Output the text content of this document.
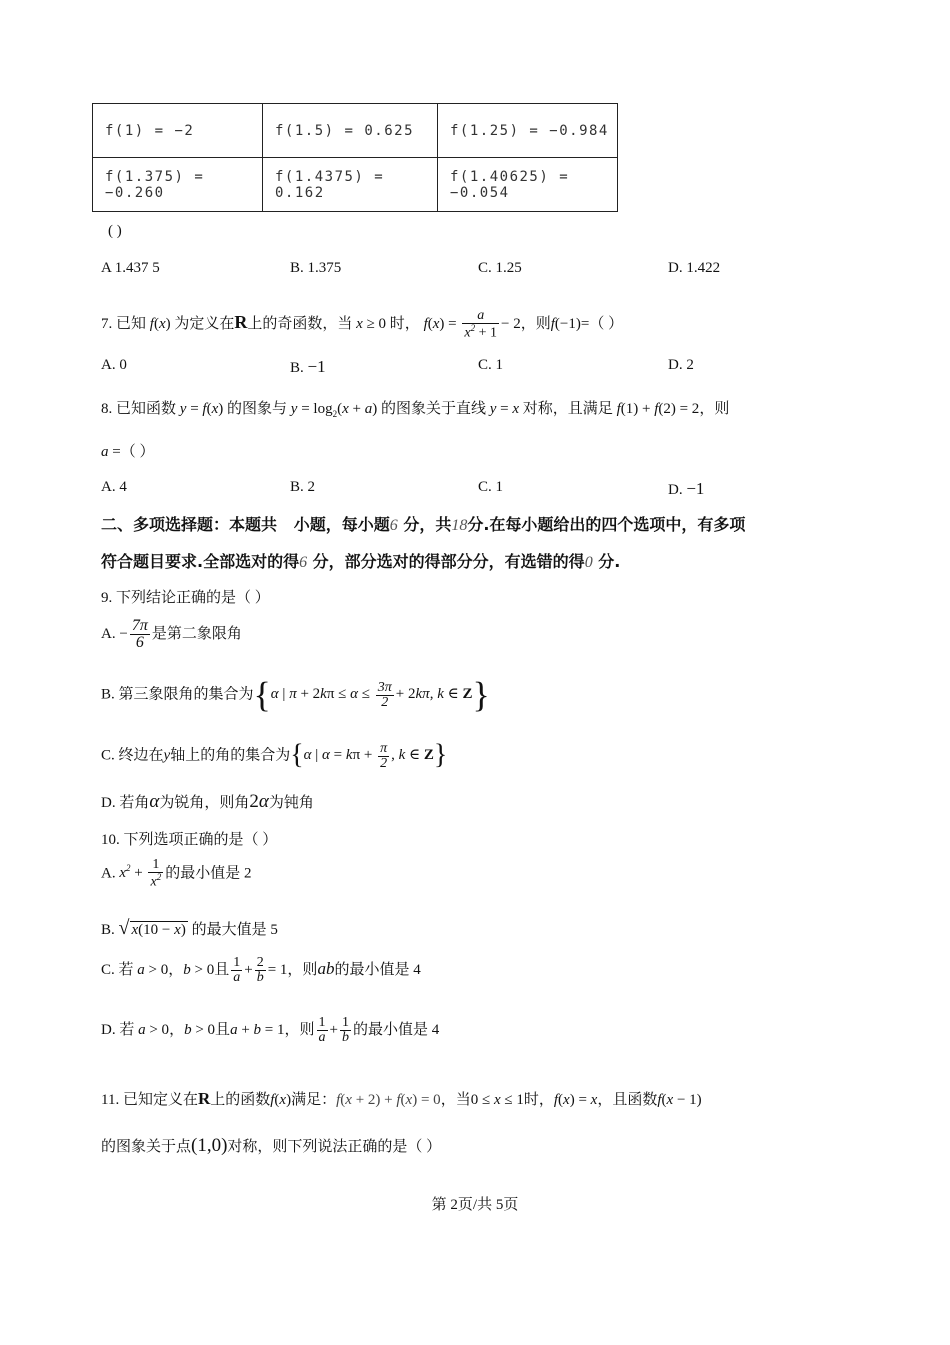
f(1) = −2	f(1.5) = 0.625	f(1.25) = −0.984
f(1.375) = −0.260	f(1.4375) = 0.162	f(1.40625) = −0.054
( )
A 1.437 5	B. 1.375	C. 1.25	D. 1.422
7. 已知 f(x) 为定义在R上的奇函数，当 x ≥ 0 时， $f(x) = \frac{a}{x^2 + 1} - 2$，则f(−1)=（ ）
A. 0	B. −1	C. 1	D. 2
8. 已知函数 y = f(x) 的图象与 $y = \log_2(x + a)$ 的图象关于直线 y = x 对称，且满足 f(1) + f(2) = 2，则
a =（ ）
A. 4	B. 2	C. 1	D. −1
二、多项选择题：本题共 小题，每小题6 分，共18分.在每小题给出的四个选项中，有多项
符合题目要求.全部选对的得6 分，部分选对的得部分分，有选错的得0 分.
9. 下列结论正确的是（ ）
A. − $\frac{7\pi}{6}$ 是第二象限角
B. 第三象限角的集合为{α | $\pi + 2k\pi \le \alpha \le \frac{3\pi}{2} + 2k\pi$, k ∈ Z}
C. 终边在y轴上的角的集合为{α | $\alpha = k\pi + \frac{\pi}{2}$ , k ∈ Z}
D. 若角α为锐角，则角2α为钝角
10. 下列选项正确的是（ ）
A. $x^2 + \frac{1}{x^2}$ 的最小值是 2
B. √ x(10 − x) 的最大值是 5
C. 若 a > 0，b > 0且 $\frac{1}{a} + \frac{2}{b} = 1$，则ab的最小值是 4
D. 若 a > 0，b > 0且a + b = 1，则 $\frac{1}{a} + \frac{1}{b}$ 的最小值是 4
11. 已知定义在R上的函数f(x)满足：f(x + 2) + f(x) = 0，当0 ≤ x ≤ 1时，f(x) = x，且函数f(x − 1)
的图象关于点(1,0)对称，则下列说法正确的是（ ）
第 2页/共 5页
